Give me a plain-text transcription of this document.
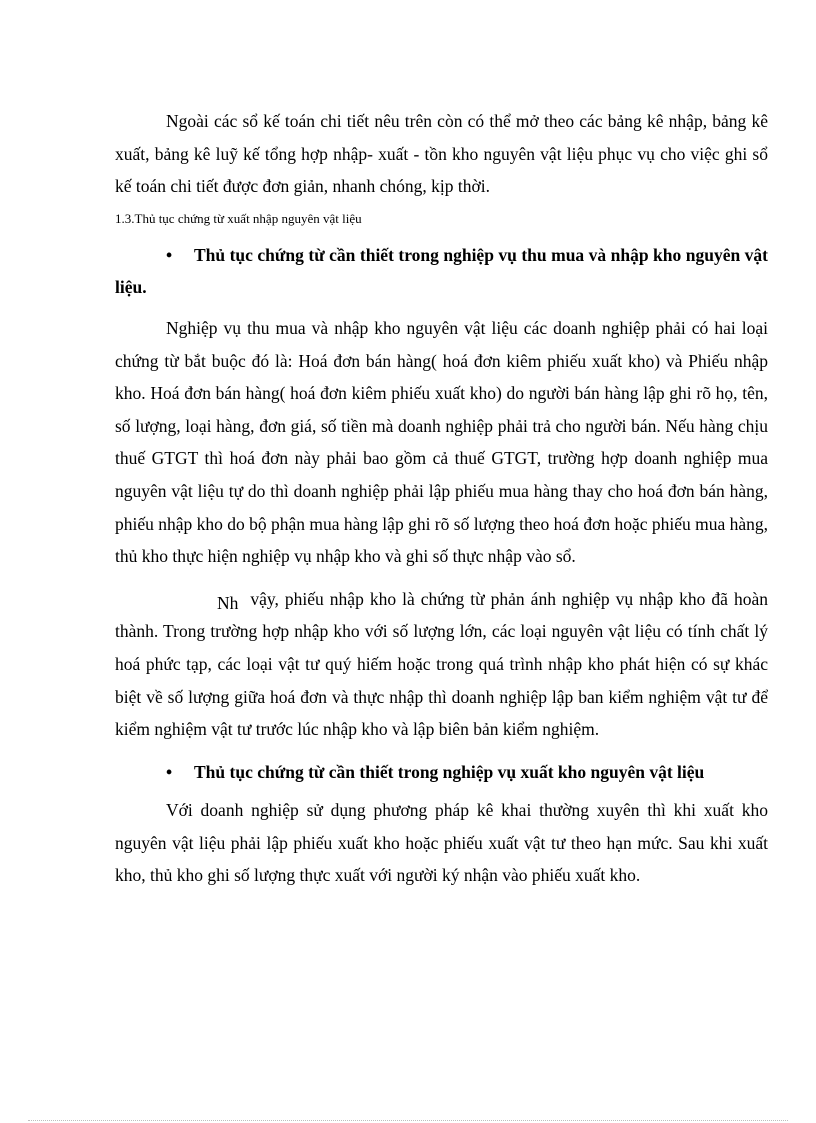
Ngoài các sổ kế toán chi tiết nêu trên còn có thể mở theo các bảng kê nhập, bảng kê xuất, bảng kê luỹ kế tổng hợp nhập- xuất - tồn kho nguyên vật liệu phục vụ cho việc ghi sổ kế toán chi tiết được đơn giản, nhanh chóng, kịp thời.

1.3.Thủ tục chứng từ xuất nhập nguyên vật liệu

• Thủ tục chứng từ cần thiết trong nghiệp vụ thu mua và nhập kho nguyên vật liệu.

Nghiệp vụ thu mua và nhập kho nguyên vật liệu các doanh nghiệp phải có hai loại chứng từ bắt buộc đó là: Hoá đơn bán hàng( hoá đơn kiêm phiếu xuất kho) và Phiếu nhập kho. Hoá đơn bán hàng( hoá đơn kiêm phiếu xuất kho) do người bán hàng lập ghi rõ họ, tên, số lượng, loại hàng, đơn giá, số tiền mà doanh nghiệp phải trả cho người bán. Nếu hàng chịu thuế GTGT thì hoá đơn này phải bao gồm cả thuế GTGT, trường hợp doanh nghiệp mua nguyên vật liệu tự do thì doanh nghiệp phải lập phiếu mua hàng thay cho hoá đơn bán hàng, phiếu nhập kho do bộ phận mua hàng lập ghi rõ số lượng theo hoá đơn hoặc phiếu mua hàng, thủ kho thực hiện nghiệp vụ nhập kho và ghi số thực nhập vào sổ.

Nh vậy, phiếu nhập kho là chứng từ phản ánh nghiệp vụ nhập kho đã hoàn thành. Trong trường hợp nhập kho với số lượng lớn, các loại nguyên vật liệu có tính chất lý hoá phức tạp, các loại vật tư quý hiếm hoặc trong quá trình nhập kho phát hiện có sự khác biệt về số lượng giữa hoá đơn và thực nhập thì doanh nghiệp lập ban kiểm nghiệm vật tư để kiểm nghiệm vật tư trước lúc nhập kho và lập biên bản kiểm nghiệm.

• Thủ tục chứng từ cần thiết trong nghiệp vụ xuất kho nguyên vật liệu

Với doanh nghiệp sử dụng phương pháp kê khai thường xuyên thì khi xuất kho nguyên vật liệu phải lập phiếu xuất kho hoặc phiếu xuất vật tư theo hạn mức. Sau khi xuất kho, thủ kho ghi số lượng thực xuất với người ký nhận vào phiếu xuất kho.
